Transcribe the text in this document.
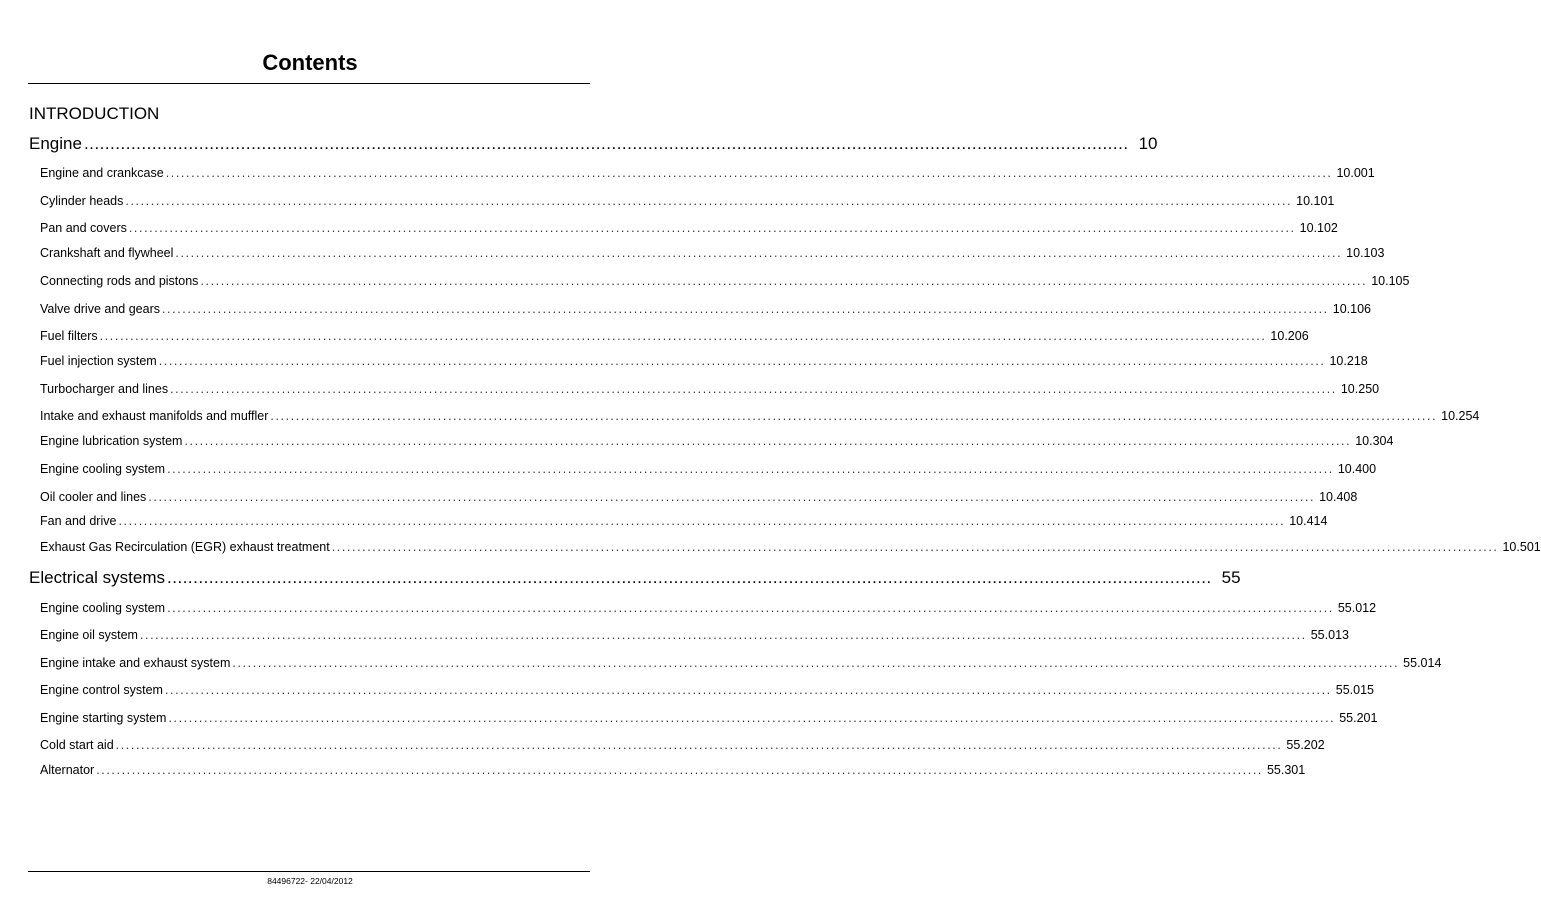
Contents
INTRODUCTION
Engine ........................................................................................................................................................................................................ 10
Engine and crankcase ...................................................................................................................................................................................................................................... 10.001
Cylinder heads ...................................................................................................................................................................................................................................... 10.101
Pan and covers ...................................................................................................................................................................................................................................... 10.102
Crankshaft and flywheel ...................................................................................................................................................................................................................................... 10.103
Connecting rods and pistons ...................................................................................................................................................................................................................................... 10.105
Valve drive and gears ...................................................................................................................................................................................................................................... 10.106
Fuel filters ...................................................................................................................................................................................................................................... 10.206
Fuel injection system ...................................................................................................................................................................................................................................... 10.218
Turbocharger and lines ...................................................................................................................................................................................................................................... 10.250
Intake and exhaust manifolds and muffler ...................................................................................................................................................................................................................................... 10.254
Engine lubrication system ...................................................................................................................................................................................................................................... 10.304
Engine cooling system ...................................................................................................................................................................................................................................... 10.400
Oil cooler and lines ...................................................................................................................................................................................................................................... 10.408
Fan and drive ...................................................................................................................................................................................................................................... 10.414
Exhaust Gas Recirculation (EGR) exhaust treatment ...................................................................................................................................................................................................................................... 10.501
Electrical systems ........................................................................................................................................................................................................ 55
Engine cooling system ...................................................................................................................................................................................................................................... 55.012
Engine oil system ...................................................................................................................................................................................................................................... 55.013
Engine intake and exhaust system ...................................................................................................................................................................................................................................... 55.014
Engine control system ...................................................................................................................................................................................................................................... 55.015
Engine starting system ...................................................................................................................................................................................................................................... 55.201
Cold start aid ...................................................................................................................................................................................................................................... 55.202
Alternator ...................................................................................................................................................................................................................................... 55.301
84496722- 22/04/2012
